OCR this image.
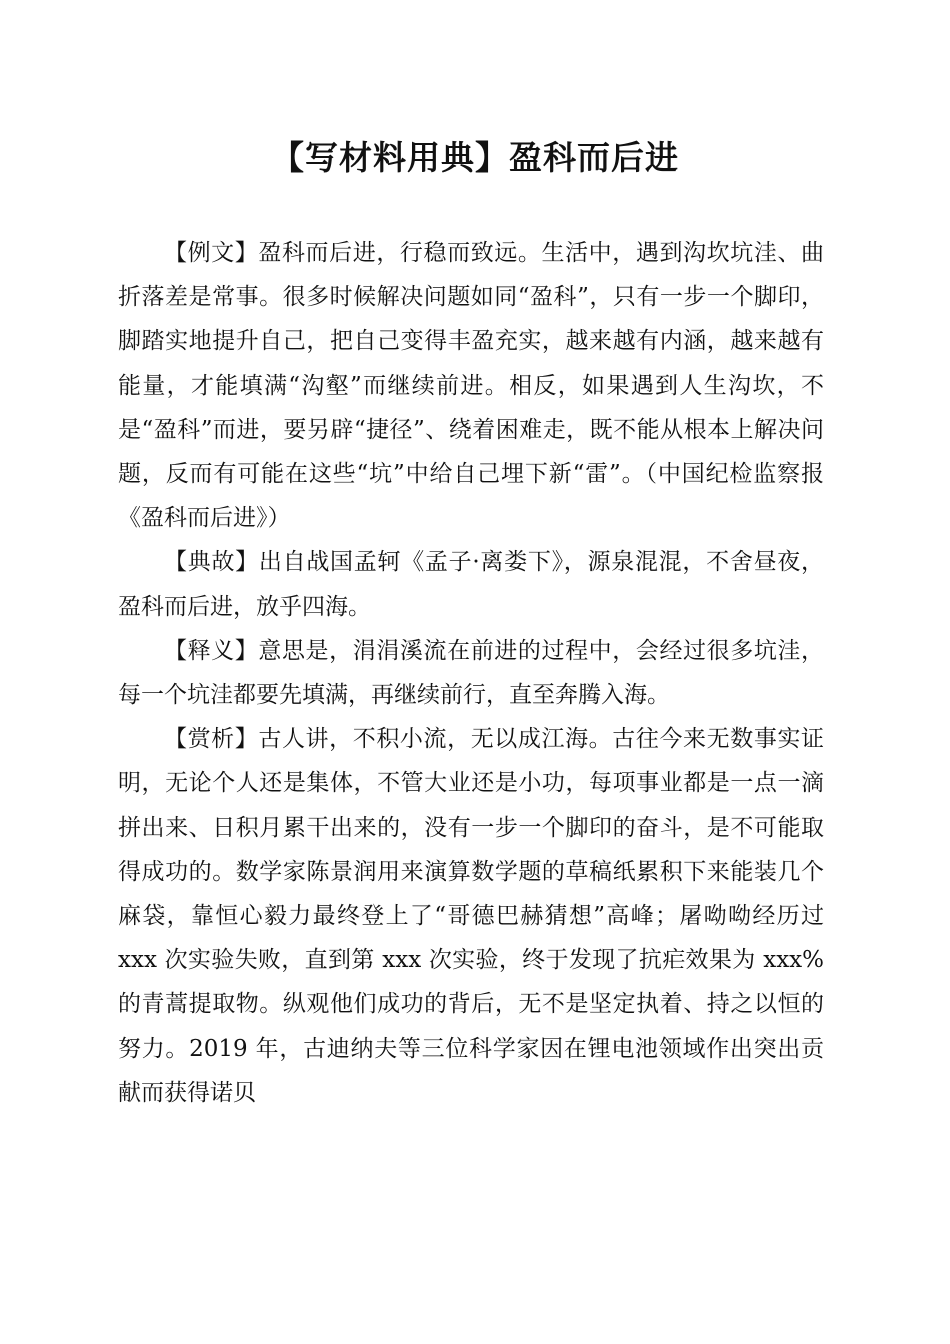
【写材料用典】盈科而后进

【例文】盈科而后进，行稳而致远。生活中，遇到沟坎坑洼、曲折落差是常事。很多时候解决问题如同“盈科”，只有一步一个脚印，脚踏实地提升自己，把自己变得丰盈充实，越来越有内涵，越来越有能量，才能填满“沟壑”而继续前进。相反，如果遇到人生沟坎，不是“盈科”而进，要另辟“捷径”、绕着困难走，既不能从根本上解决问题，反而有可能在这些“坑”中给自己埋下新“雷”。（中国纪检监察报《盈科而后进》）

【典故】出自战国孟轲《孟子·离娄下》，源泉混混，不舍昼夜，盈科而后进，放乎四海。

【释义】意思是，涓涓溪流在前进的过程中，会经过很多坑洼，每一个坑洼都要先填满，再继续前行，直至奔腾入海。

【赏析】古人讲，不积小流，无以成江海。古往今来无数事实证明，无论个人还是集体，不管大业还是小功，每项事业都是一点一滴拼出来、日积月累干出来的，没有一步一个脚印的奋斗，是不可能取得成功的。数学家陈景润用来演算数学题的草稿纸累积下来能装几个麻袋，靠恒心毅力最终登上了“哥德巴赫猜想”高峰；屠呦呦经历过 xxx 次实验失败，直到第 xxx 次实验，终于发现了抗疟效果为 xxx%的青蒿提取物。纵观他们成功的背后，无不是坚定执着、持之以恒的努力。2019 年，古迪纳夫等三位科学家因在锂电池领域作出突出贡献而获得诺贝
